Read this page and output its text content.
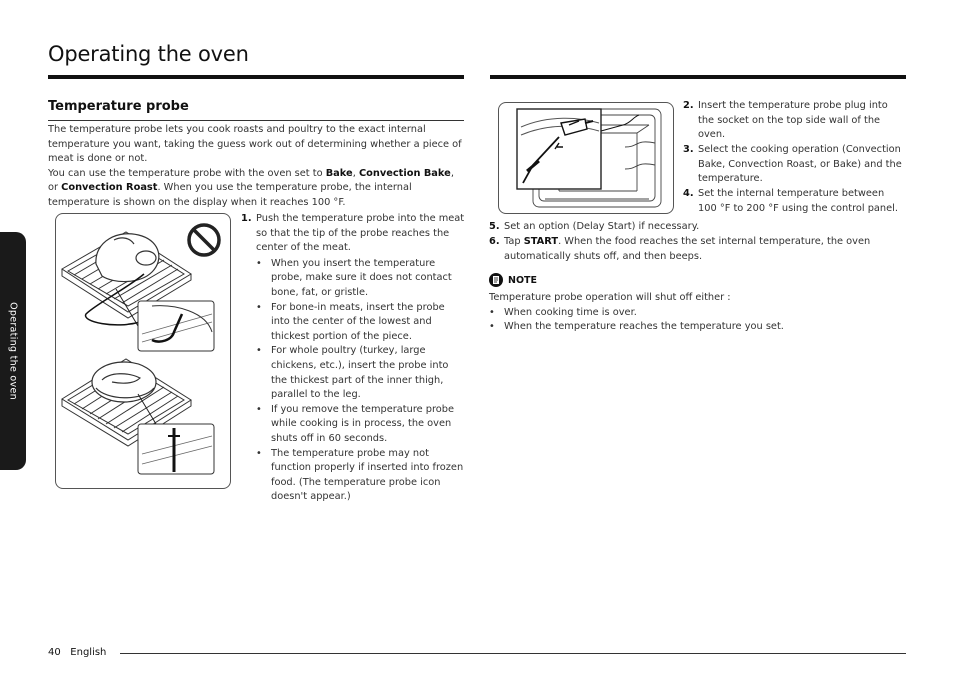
Operating the oven
Operating the oven
Temperature probe

The temperature probe lets you cook roasts and poultry to the exact internal temperature you want, taking the guess work out of determining whether a piece of meat is done or not.

You can use the temperature probe with the oven set to Bake, Convection Bake, or Convection Roast. When you use the temperature probe, the internal temperature is shown on the display when it reaches 100 °F.

1. Push the temperature probe into the meat so that the tip of the probe reaches the center of the meat.
• When you insert the temperature probe, make sure it does not contact bone, fat, or gristle.
• For bone-in meats, insert the probe into the center of the lowest and thickest portion of the piece.
• For whole poultry (turkey, large chickens, etc.), insert the probe into the thickest part of the inner thigh, parallel to the leg.
• If you remove the temperature probe while cooking is in process, the oven shuts off in 60 seconds.
• The temperature probe may not function properly if inserted into frozen food. (The temperature probe icon doesn't appear.)
2. Insert the temperature probe plug into the socket on the top side wall of the oven.
3. Select the cooking operation (Convection Bake, Convection Roast, or Bake) and the temperature.
4. Set the internal temperature between 100 °F to 200 °F using the control panel.
5. Set an option (Delay Start) if necessary.
6. Tap START. When the food reaches the set internal temperature, the oven automatically shuts off, and then beeps.
NOTE
Temperature probe operation will shut off either :
• When cooking time is over.
• When the temperature reaches the temperature you set.
40 English
